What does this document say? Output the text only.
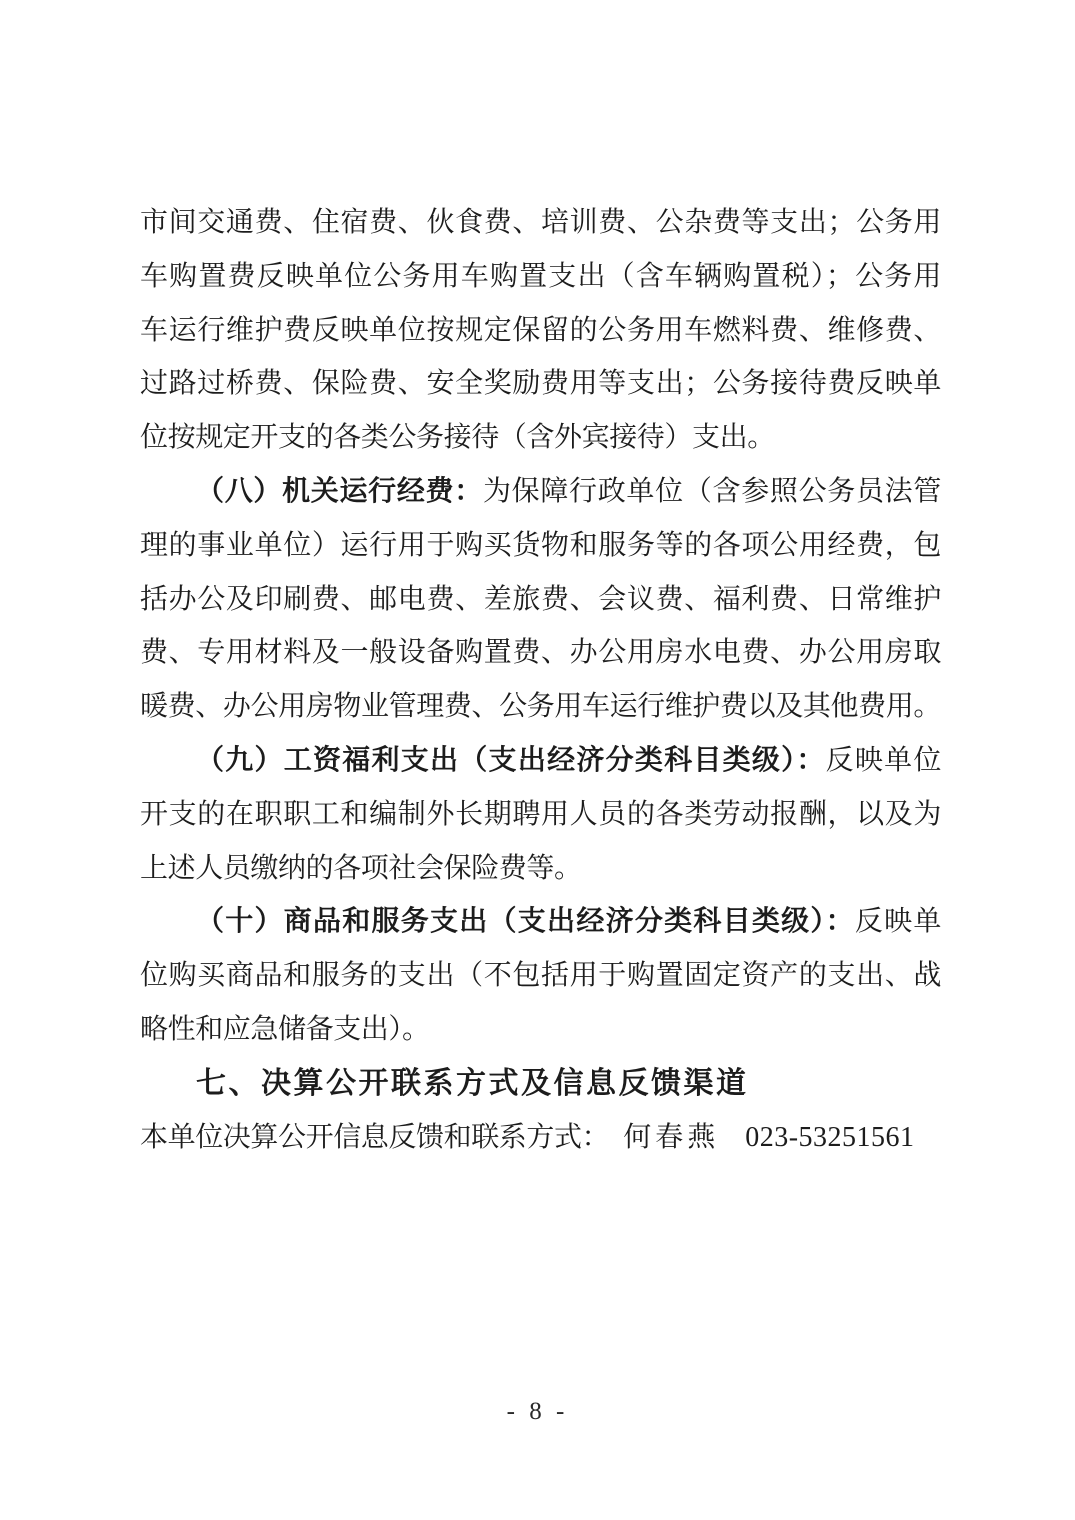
市间交通费、住宿费、伙食费、培训费、公杂费等支出；公务用
车购置费反映单位公务用车购置支出（含车辆购置税）；公务用
车运行维护费反映单位按规定保留的公务用车燃料费、维修费、
过路过桥费、保险费、安全奖励费用等支出；公务接待费反映单
位按规定开支的各类公务接待（含外宾接待）支出。
（八）机关运行经费：为保障行政单位（含参照公务员法管
理的事业单位）运行用于购买货物和服务等的各项公用经费，包
括办公及印刷费、邮电费、差旅费、会议费、福利费、日常维护
费、专用材料及一般设备购置费、办公用房水电费、办公用房取
暖费、办公用房物业管理费、公务用车运行维护费以及其他费用。
（九）工资福利支出（支出经济分类科目类级）：反映单位
开支的在职职工和编制外长期聘用人员的各类劳动报酬，以及为
上述人员缴纳的各项社会保险费等。
（十）商品和服务支出（支出经济分类科目类级）：反映单
位购买商品和服务的支出（不包括用于购置固定资产的支出、战
略性和应急储备支出）。
七、决算公开联系方式及信息反馈渠道
本单位决算公开信息反馈和联系方式： 何春燕 023-53251561
- 8 -
